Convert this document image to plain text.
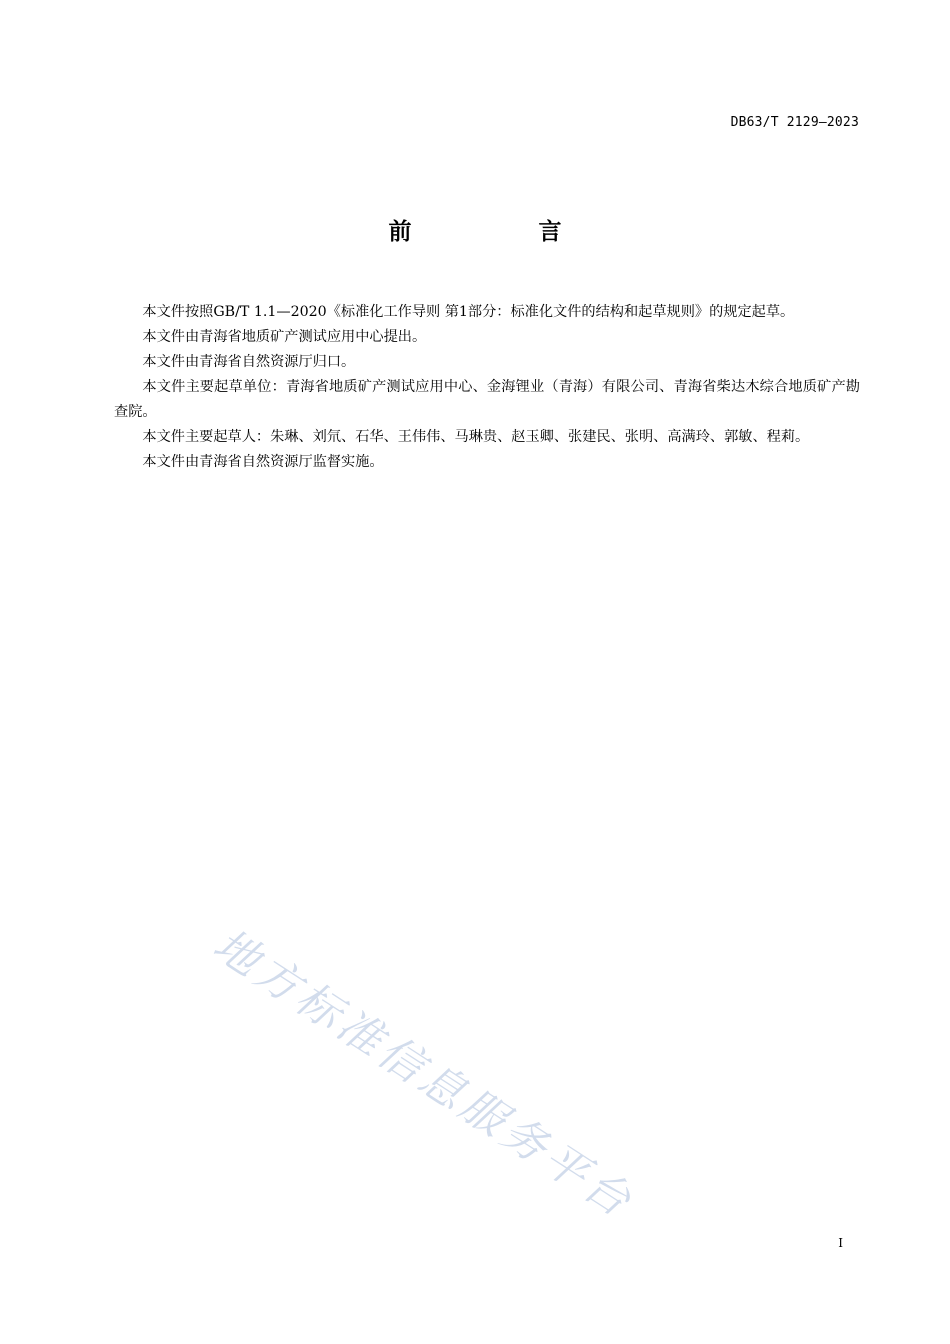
DB63/T 2129—2023
前　言

本文件按照GB/T 1.1—2020《标准化工作导则 第1部分：标准化文件的结构和起草规则》的规定起草。

本文件由青海省地质矿产测试应用中心提出。

本文件由青海省自然资源厅归口。

本文件主要起草单位：青海省地质矿产测试应用中心、金海锂业（青海）有限公司、青海省柴达木综合地质矿产勘查院。

本文件主要起草人：朱琳、刘氘、石华、王伟伟、马琳贵、赵玉卿、张建民、张明、高满玲、郭敏、程莉。

本文件由青海省自然资源厅监督实施。

地方标准信息服务平台
I
